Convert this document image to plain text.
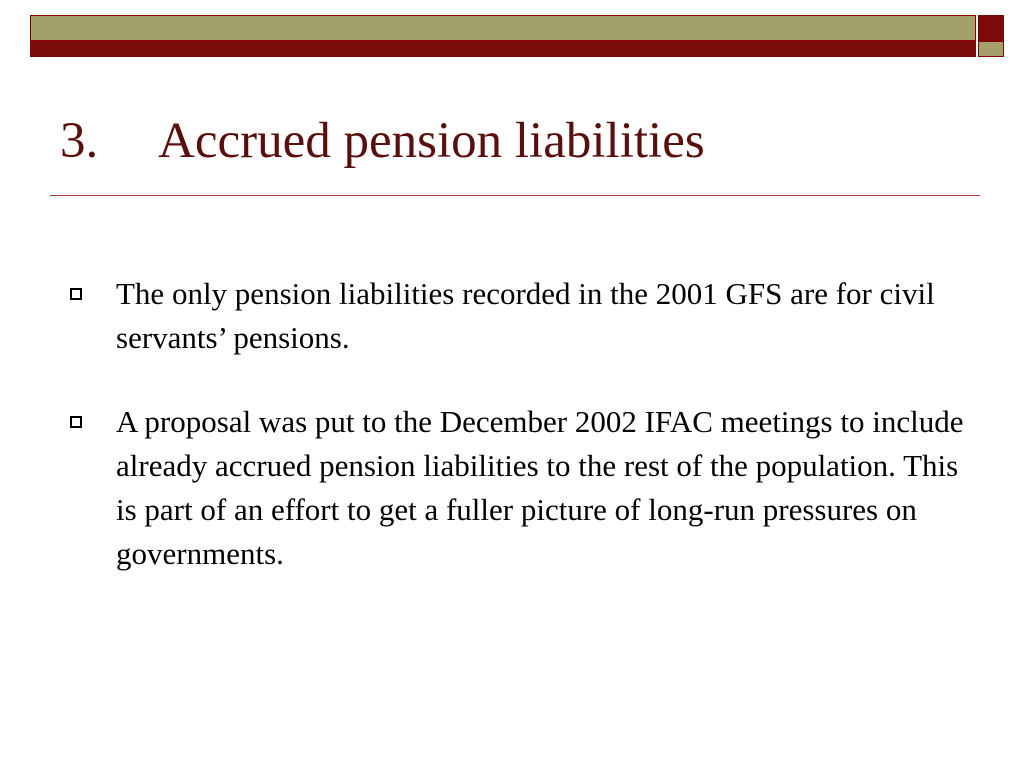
3. Accrued pension liabilities
The only pension liabilities recorded in the 2001 GFS are for civil servants’ pensions.
A proposal was put to the December 2002 IFAC meetings to include already accrued pension liabilities to the rest of the population. This is part of an effort to get a fuller picture of long-run pressures on governments.
